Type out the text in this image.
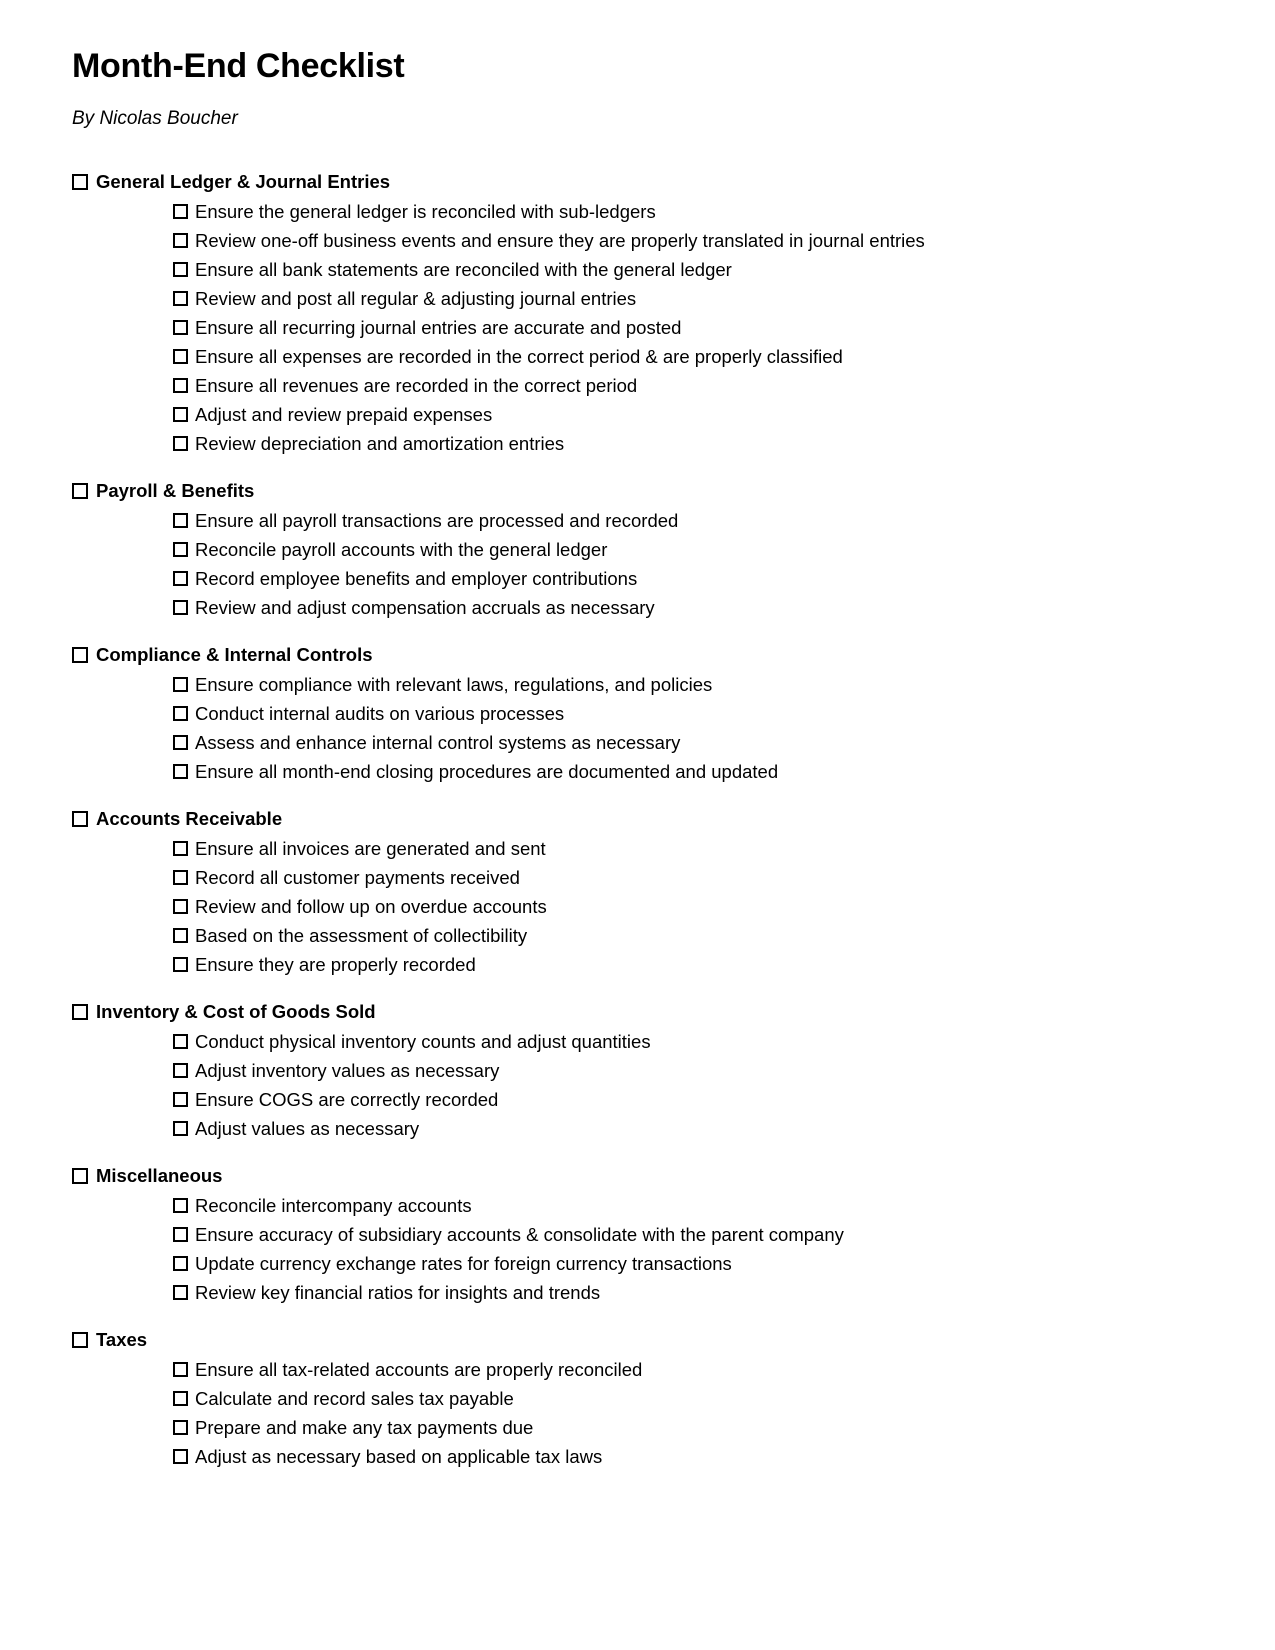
Month-End Checklist

By Nicolas Boucher

General Ledger & Journal Entries
Ensure the general ledger is reconciled with sub-ledgers
Review one-off business events and ensure they are properly translated in journal entries
Ensure all bank statements are reconciled with the general ledger
Review and post all regular & adjusting journal entries
Ensure all recurring journal entries are accurate and posted
Ensure all expenses are recorded in the correct period & are properly classified
Ensure all revenues are recorded in the correct period
Adjust and review prepaid expenses
Review depreciation and amortization entries
Payroll & Benefits
Ensure all payroll transactions are processed and recorded
Reconcile payroll accounts with the general ledger
Record employee benefits and employer contributions
Review and adjust compensation accruals as necessary
Compliance & Internal Controls
Ensure compliance with relevant laws, regulations, and policies
Conduct internal audits on various processes
Assess and enhance internal control systems as necessary
Ensure all month-end closing procedures are documented and updated
Accounts Receivable
Ensure all invoices are generated and sent
Record all customer payments received
Review and follow up on overdue accounts
Based on the assessment of collectibility
Ensure they are properly recorded
Inventory & Cost of Goods Sold
Conduct physical inventory counts and adjust quantities
Adjust inventory values as necessary
Ensure COGS are correctly recorded
Adjust values as necessary
Miscellaneous
Reconcile intercompany accounts
Ensure accuracy of subsidiary accounts & consolidate with the parent company
Update currency exchange rates for foreign currency transactions
Review key financial ratios for insights and trends
Taxes
Ensure all tax-related accounts are properly reconciled
Calculate and record sales tax payable
Prepare and make any tax payments due
Adjust as necessary based on applicable tax laws
